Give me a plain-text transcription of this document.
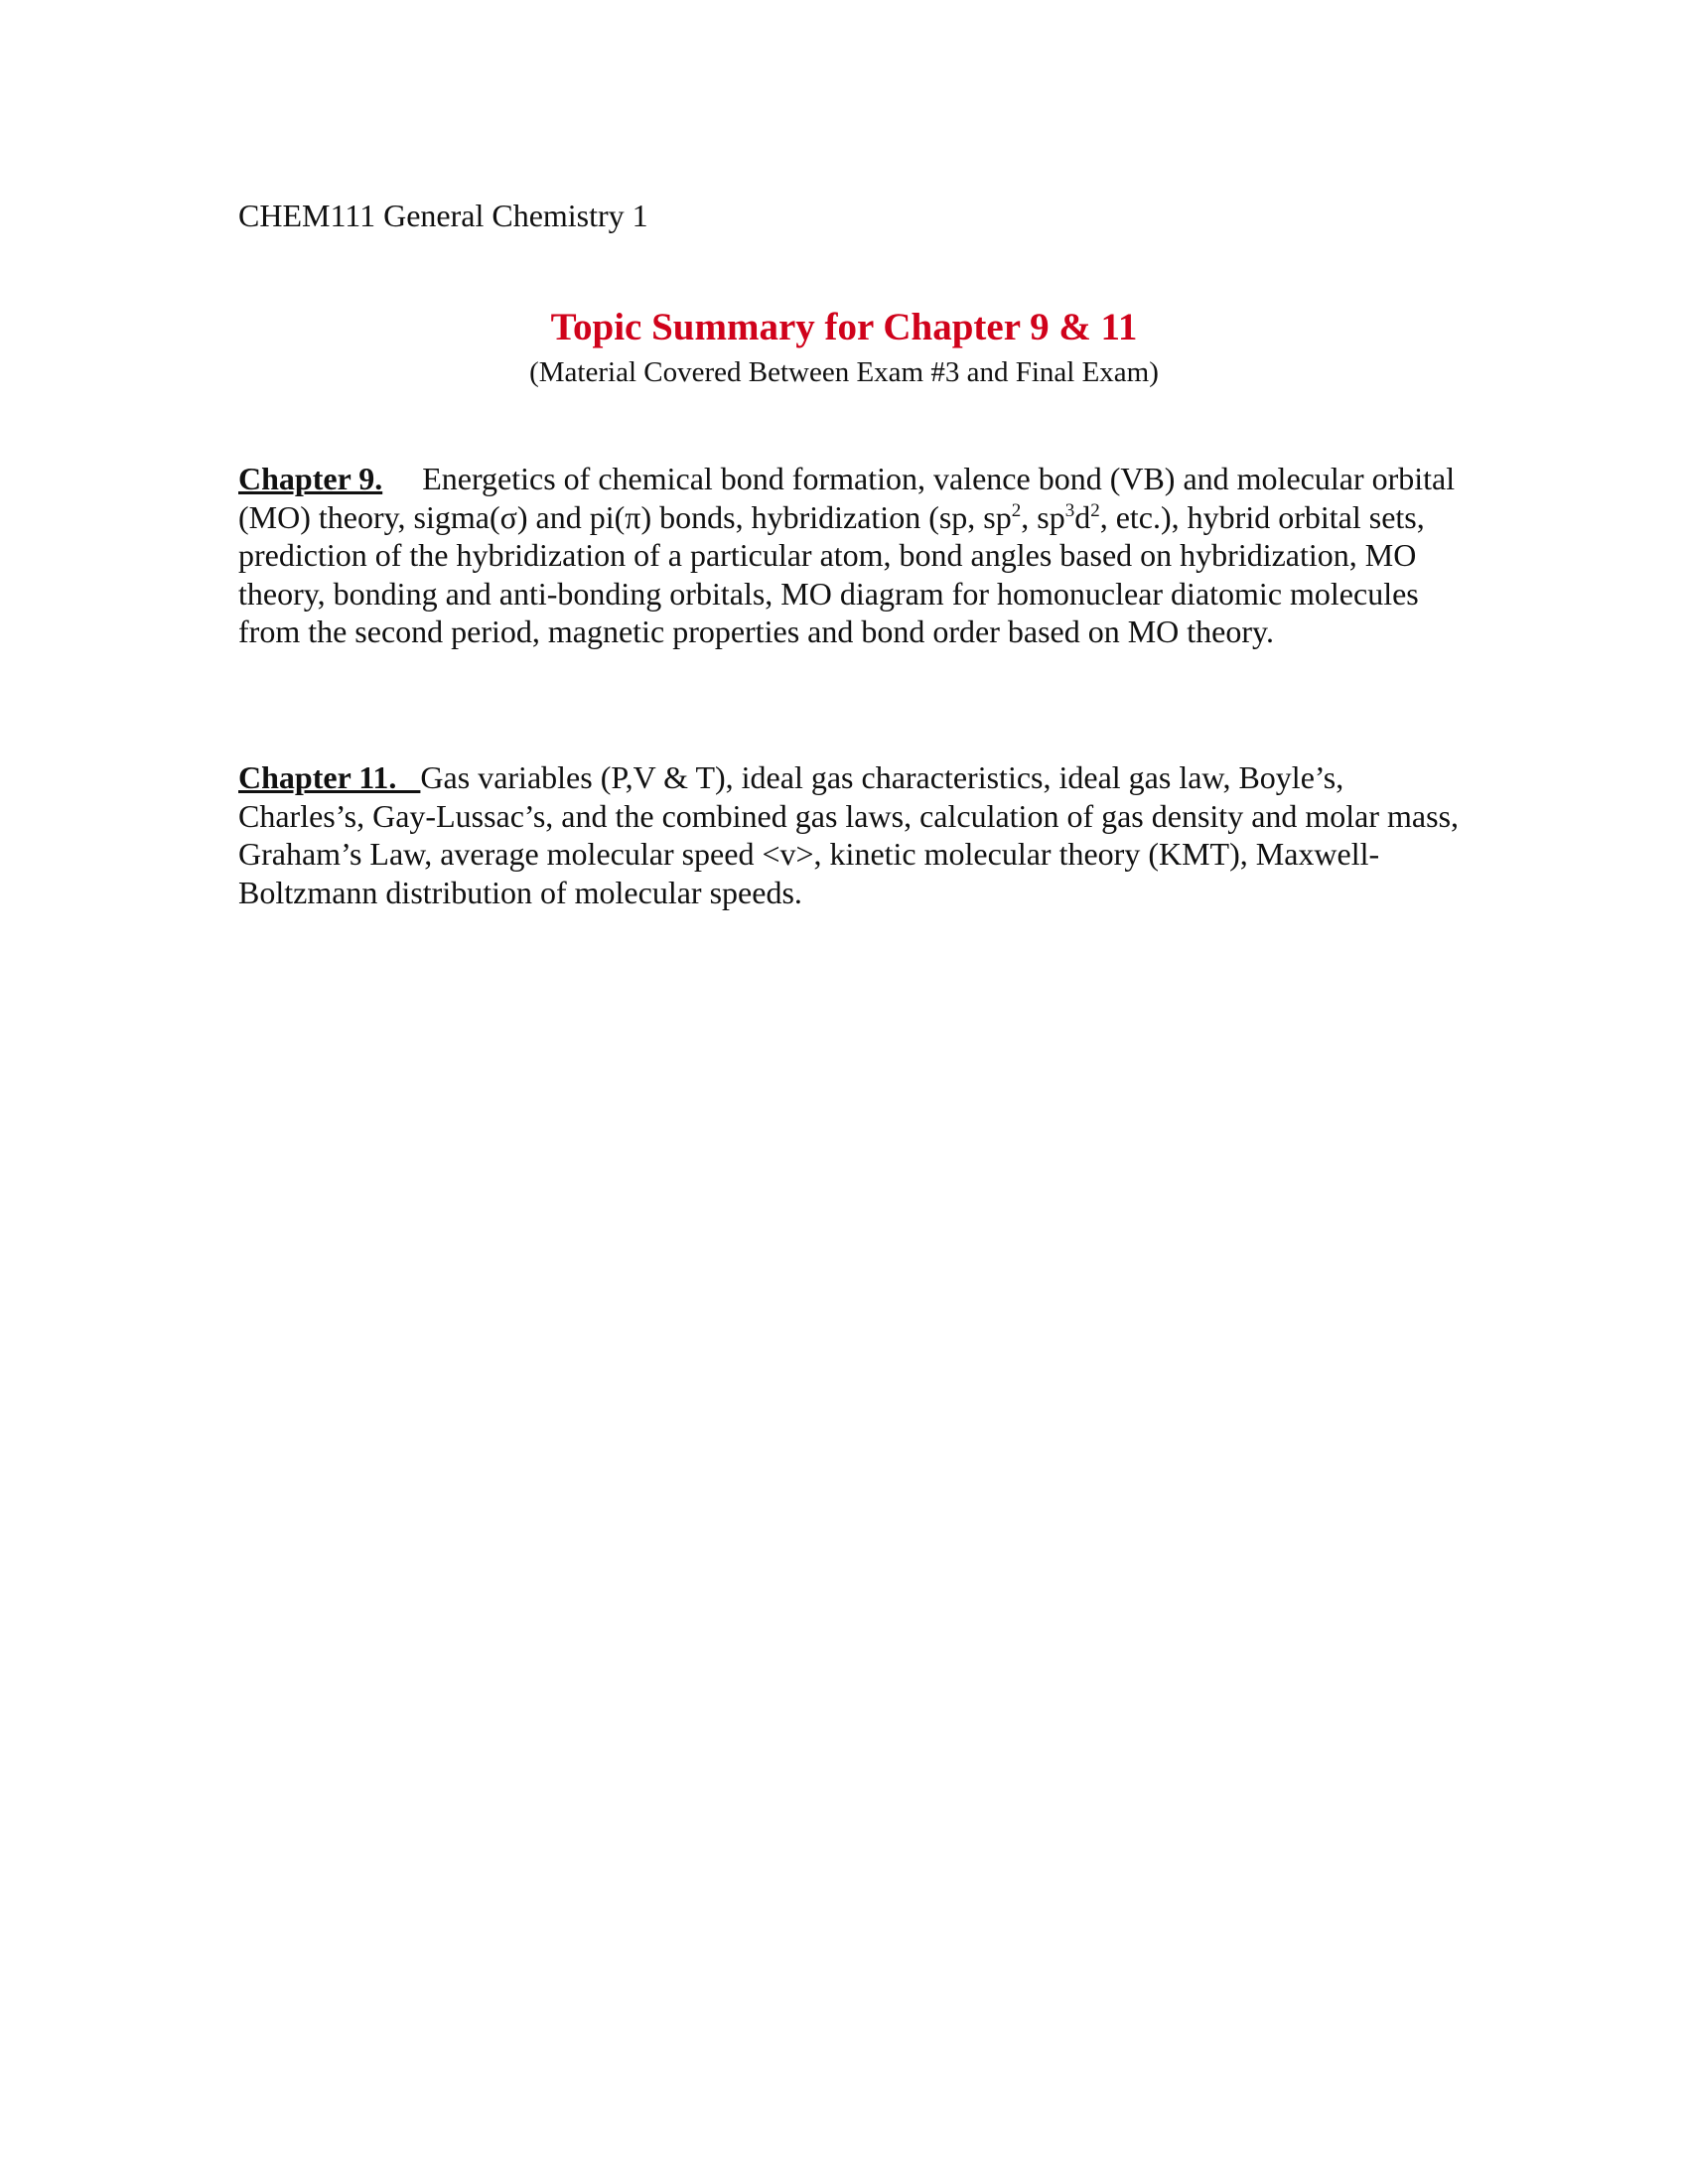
CHEM111 General Chemistry 1
Topic Summary for Chapter 9 & 11
(Material Covered Between Exam #3 and Final Exam)
Chapter 9. Energetics of chemical bond formation, valence bond (VB) and molecular orbital (MO) theory, sigma(σ) and pi(π) bonds, hybridization (sp, $sp^2$, $sp^3d^2$, etc.), hybrid orbital sets, prediction of the hybridization of a particular atom, bond angles based on hybridization, MO theory, bonding and anti-bonding orbitals, MO diagram for homonuclear diatomic molecules from the second period, magnetic properties and bond order based on MO theory.
Chapter 11.   Gas variables (P,V & T), ideal gas characteristics, ideal gas law, Boyle’s, Charles’s, Gay-Lussac’s, and the combined gas laws, calculation of gas density and molar mass, Graham’s Law, average molecular speed <v>, kinetic molecular theory (KMT), Maxwell-Boltzmann distribution of molecular speeds.
